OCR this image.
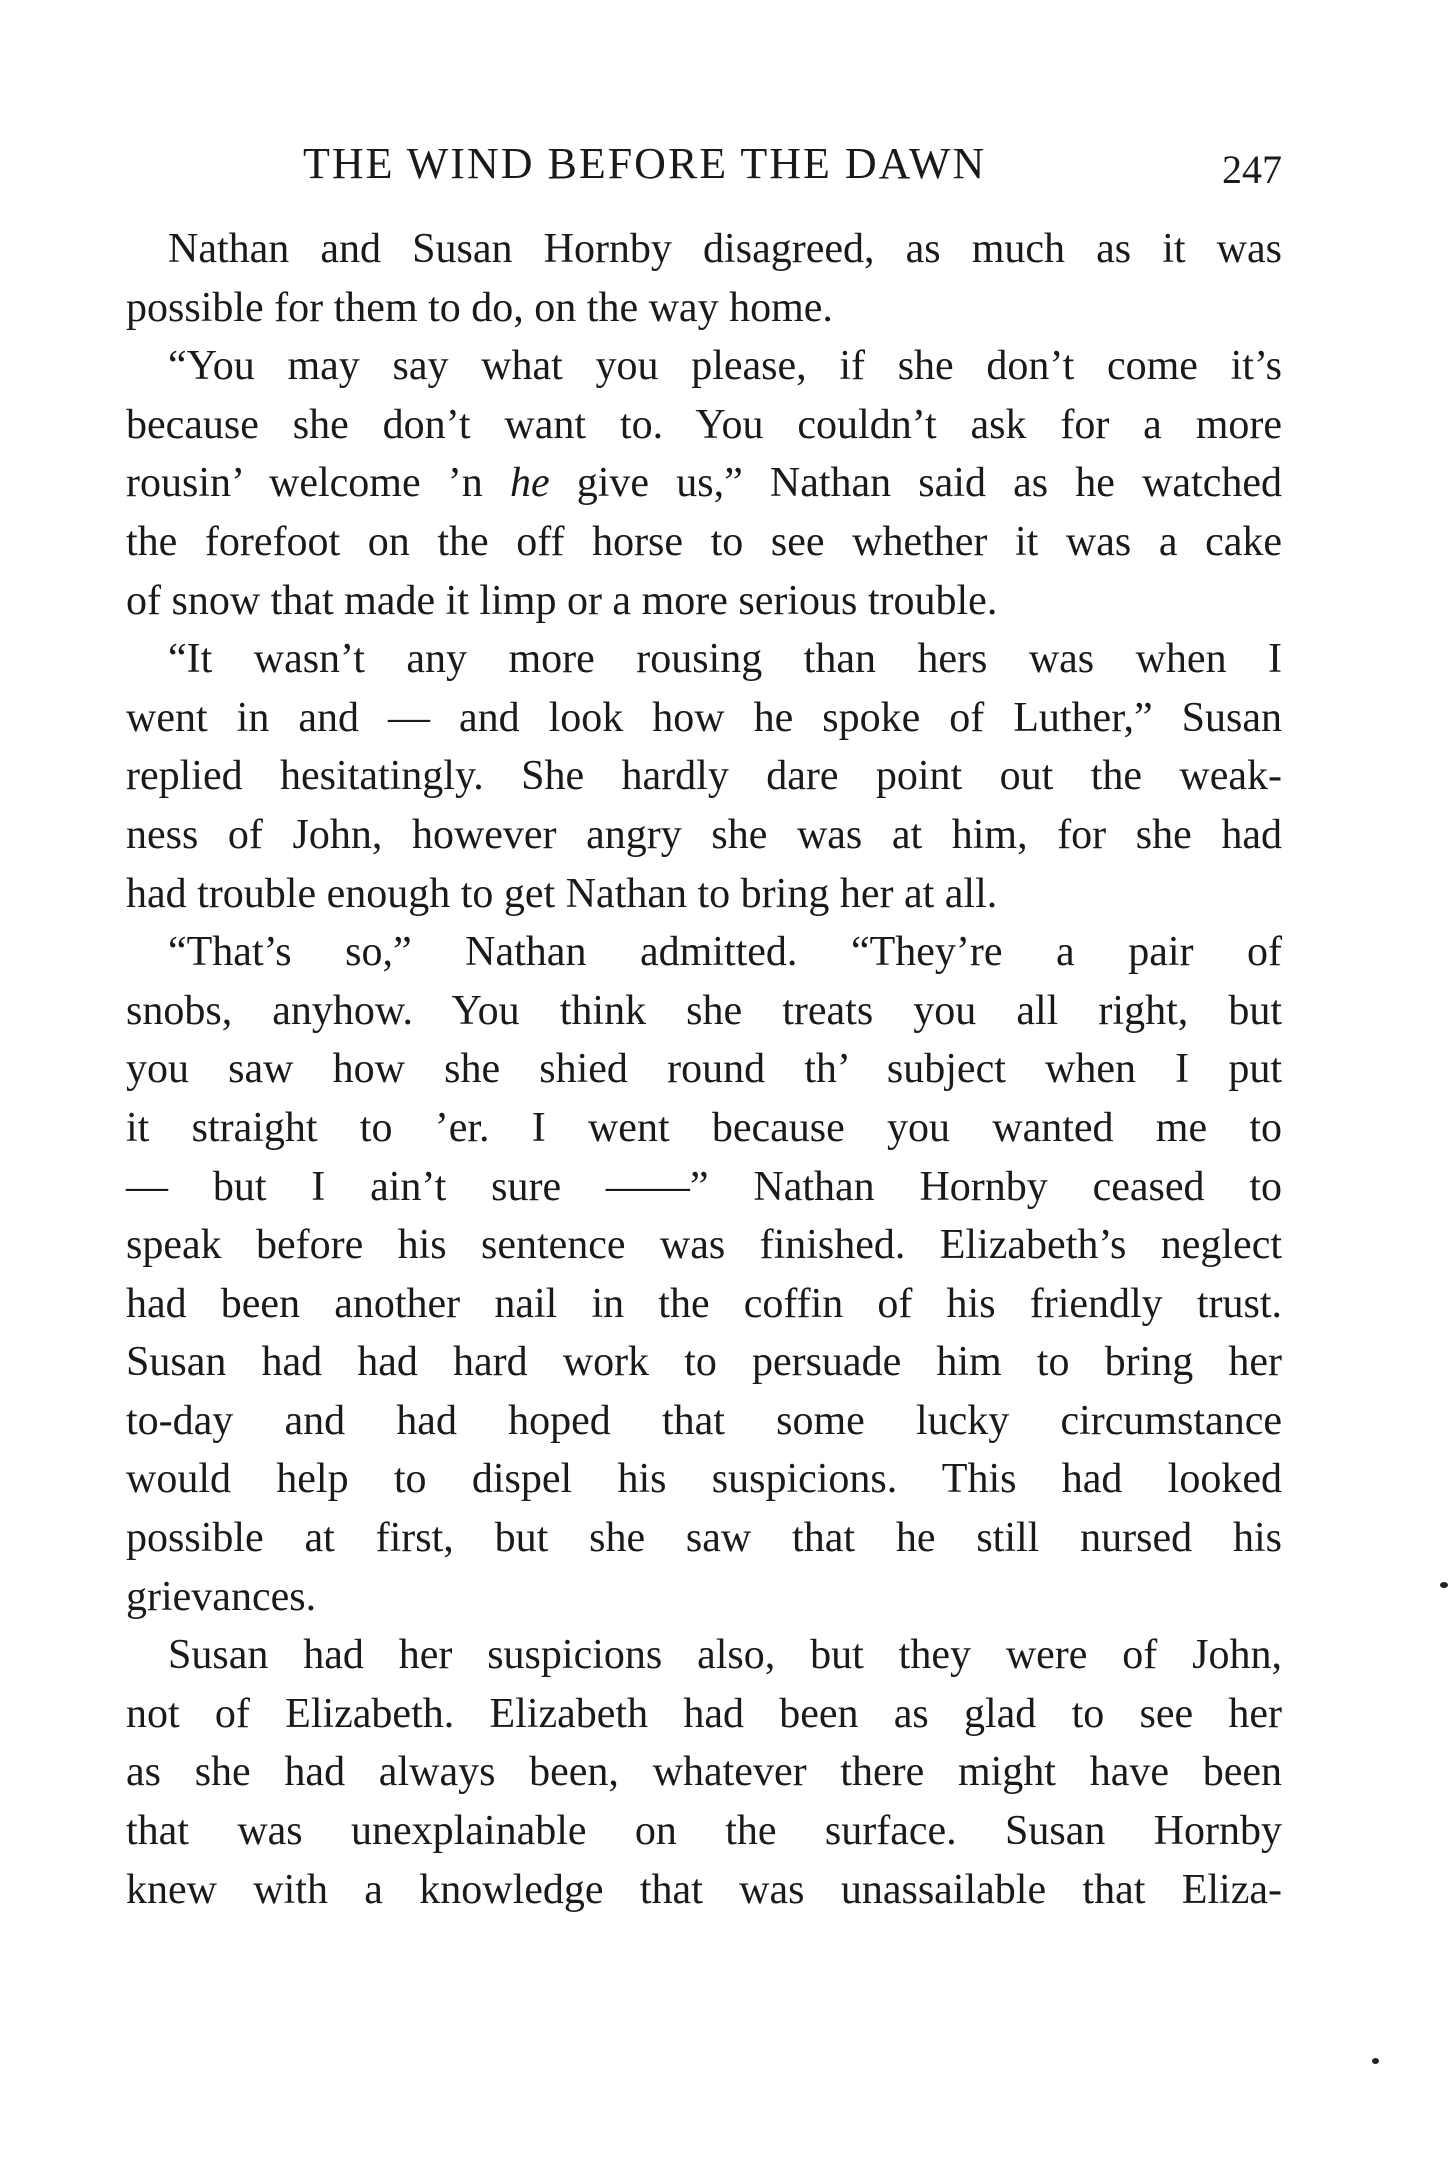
THE WIND BEFORE THE DAWN	247
Nathan and Susan Hornby disagreed, as much as it was
possible for them to do, on the way home.
“You may say what you please, if she don’t come it’s
because she don’t want to. You couldn’t ask for a more
rousin’ welcome ’n he give us,” Nathan said as he watched
the forefoot on the off horse to see whether it was a cake
of snow that made it limp or a more serious trouble.
“It wasn’t any more rousing than hers was when I
went in and — and look how he spoke of Luther,” Susan
replied hesitatingly. She hardly dare point out the weak-
ness of John, however angry she was at him, for she had
had trouble enough to get Nathan to bring her at all.
“That’s so,” Nathan admitted. “They’re a pair of
snobs, anyhow. You think she treats you all right, but
you saw how she shied round th’ subject when I put
it straight to ’er. I went because you wanted me to
— but I ain’t sure ——” Nathan Hornby ceased to
speak before his sentence was finished. Elizabeth’s neglect
had been another nail in the coffin of his friendly trust.
Susan had had hard work to persuade him to bring her
to-day and had hoped that some lucky circumstance
would help to dispel his suspicions. This had looked
possible at first, but she saw that he still nursed his
grievances.
Susan had her suspicions also, but they were of John,
not of Elizabeth. Elizabeth had been as glad to see her
as she had always been, whatever there might have been
that was unexplainable on the surface. Susan Hornby
knew with a knowledge that was unassailable that Eliza-
